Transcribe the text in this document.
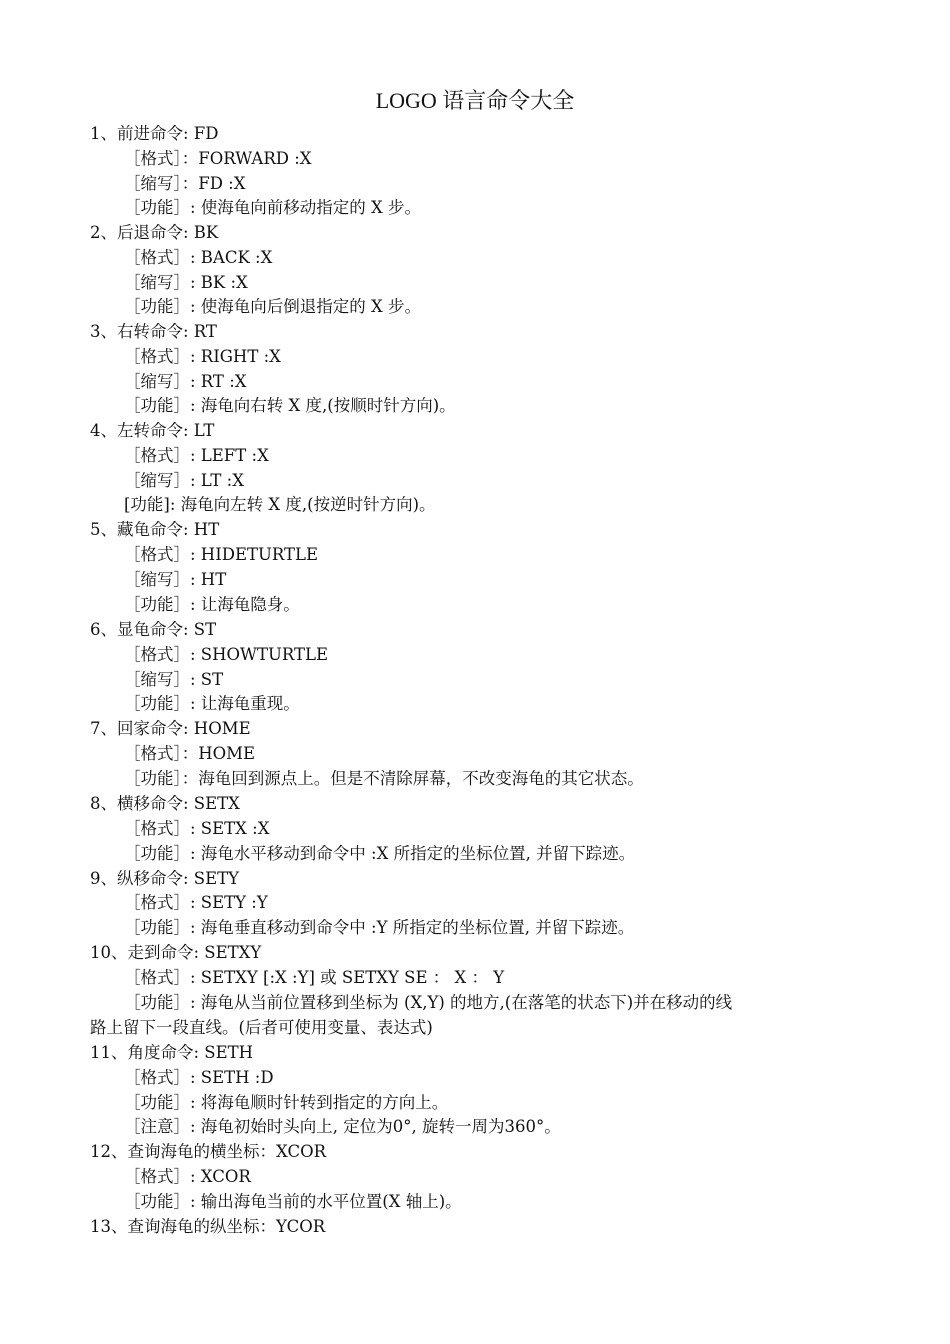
LOGO 语言命令大全
1、前进命令: FD
［格式］：FORWARD :X
［缩写］：FD :X
［功能］: 使海龟向前移动指定的 X 步。
2、后退命令: BK
［格式］: BACK :X
［缩写］: BK :X
［功能］: 使海龟向后倒退指定的 X 步。
3、右转命令: RT
［格式］: RIGHT :X
［缩写］: RT :X
［功能］: 海龟向右转 X 度,(按顺时针方向)。
4、左转命令: LT
［格式］: LEFT :X
［缩写］: LT :X
[功能]: 海龟向左转 X 度,(按逆时针方向)。
5、藏龟命令: HT
［格式］: HIDETURTLE
［缩写］: HT
［功能］: 让海龟隐身。
6、显龟命令: ST
［格式］: SHOWTURTLE
［缩写］: ST
［功能］: 让海龟重现。
7、回家命令: HOME
［格式］：HOME
［功能］：海龟回到源点上。但是不清除屏幕，不改变海龟的其它状态。
8、横移命令: SETX
［格式］: SETX :X
［功能］: 海龟水平移动到命令中 :X 所指定的坐标位置, 并留下踪迹。
9、纵移命令: SETY
［格式］: SETY :Y
［功能］: 海龟垂直移动到命令中 :Y 所指定的坐标位置, 并留下踪迹。
10、走到命令: SETXY
［格式］: SETXY [:X :Y] 或 SETXY SE ： X ： Y
［功能］: 海龟从当前位置移到坐标为 (X,Y) 的地方,(在落笔的状态下)并在移动的线
路上留下一段直线。(后者可使用变量、表达式)
11、角度命令: SETH
［格式］: SETH :D
［功能］: 将海龟顺时针转到指定的方向上。
［注意］: 海龟初始时头向上, 定位为0°, 旋转一周为360°。
12、查询海龟的横坐标：XCOR
［格式］: XCOR
［功能］: 输出海龟当前的水平位置(X 轴上)。
13、查询海龟的纵坐标：YCOR
